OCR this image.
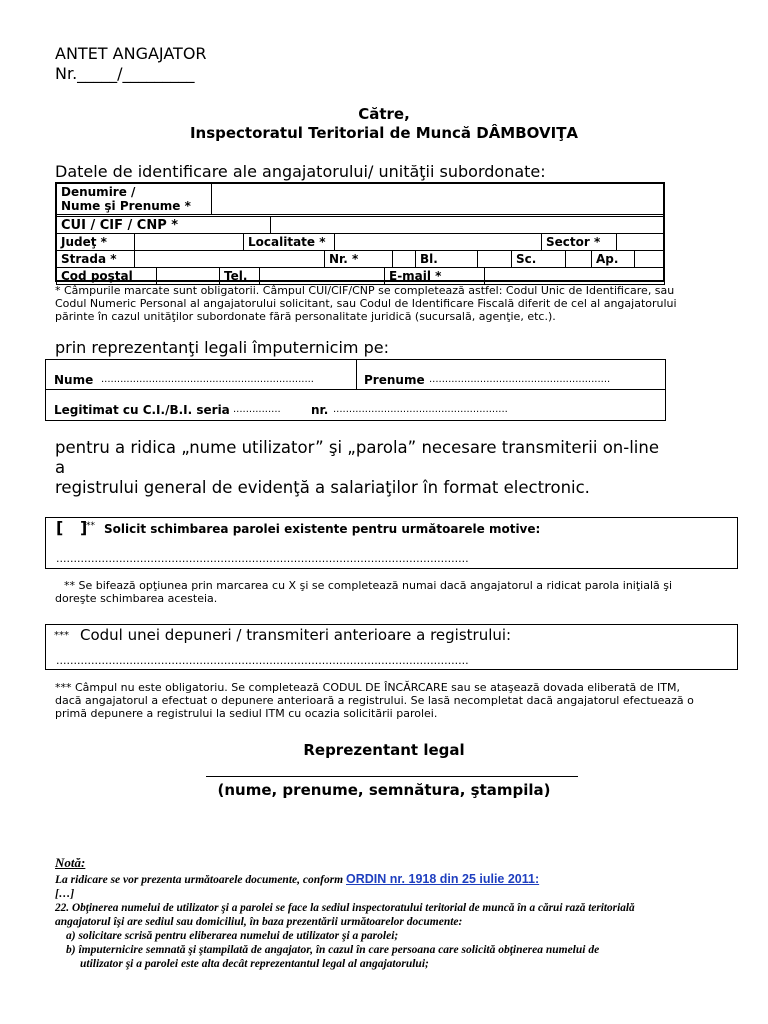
ANTET ANGAJATOR
Nr._____/_________
Către,
Inspectoratul Teritorial de Muncă DÂMBOVIŢA
Datele de identificare ale angajatorului/ unităţii subordonate:
Denumire /
Nume şi Prenume *	
CUI / CIF / CNP *	
Judeţ *		Localitate *		Sector *	
Strada *		Nr. *		Bl.		Sc.		Ap.	
Cod poştal		Tel.		E-mail *	
* Câmpurile marcate sunt obligatorii. Câmpul CUI/CIF/CNP se completează astfel: Codul Unic de Identificare, sau
Codul Numeric Personal al angajatorului solicitant, sau Codul de Identificare Fiscală diferit de cel al angajatorului
părinte în cazul unităţilor subordonate fără personalitate juridică (sucursală, agenţie, etc.).
prin reprezentanţi legali împuternicim pe:
Nume ...................................................................	Prenume .........................................................
Legitimat cu C.I./B.I. seria ...............	nr. .......................................................
pentru a ridica „nume utilizator” şi „parola” necesare transmiterii on-line
a
registrului general de evidenţă a salariaţilor în format electronic.
[   ]
** Solicit schimbarea parolei existente pentru următoarele motive:
......................................................................................................................
** Se bifează opţiunea prin marcarea cu X şi se completează numai dacă angajatorul a ridicat parola iniţială şi
doreşte schimbarea acesteia.
*** Codul unei depuneri / transmiteri anterioare a registrului:
......................................................................................................................
*** Câmpul nu este obligatoriu. Se completează CODUL DE ÎNCĂRCARE sau se ataşează dovada eliberată de ITM,
dacă angajatorul a efectuat o depunere anterioară a registrului. Se lasă necompletat dacă angajatorul efectuează o
primă depunere a registrului la sediul ITM cu ocazia solicitării parolei.
Reprezentant legal
(nume, prenume, semnătura, ştampila)
Notă:
La ridicare se vor prezenta următoarele documente, conform ORDIN nr. 1918 din 25 iulie 2011:
[…]
22. Obţinerea numelui de utilizator şi a parolei se face la sediul inspectoratului teritorial de muncă în a cărui rază teritorială
angajatorul îşi are sediul sau domiciliul, în baza prezentării următoarelor documente:
a) solicitare scrisă pentru eliberarea numelui de utilizator şi a parolei;
b) împuternicire semnată şi ştampilată de angajator, în cazul în care persoana care solicită obţinerea numelui de
utilizator şi a parolei este alta decât reprezentantul legal al angajatorului;
